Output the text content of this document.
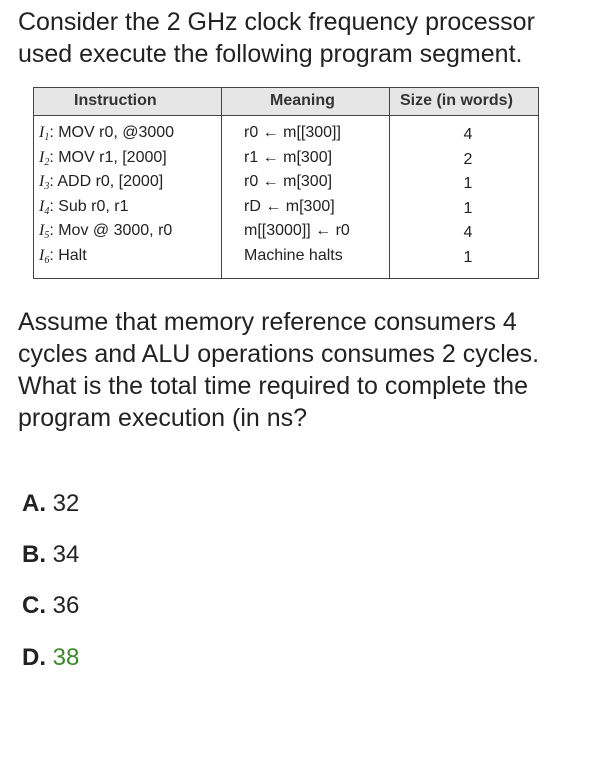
Consider the 2 GHz clock frequency processor used execute the following program segment.

Instruction	Meaning	Size (in words)
$I_1$: MOV r0, @3000	r0 ← m[[300]]	4
$I_2$: MOV r1, [2000]	r1 ← m[300]	2
$I_3$: ADD r0, [2000]	r0 ← m[300]	1
$I_4$: Sub r0, r1	rD ← m[300]	1
$I_5$: Mov @ 3000, r0	m[[3000]] ← r0	4
$I_6$: Halt	Machine halts	1

Assume that memory reference consumers 4 cycles and ALU operations consumes 2 cycles. What is the total time required to complete the program execution (in ns?

A. 32
B. 34
C. 36
D. 38
